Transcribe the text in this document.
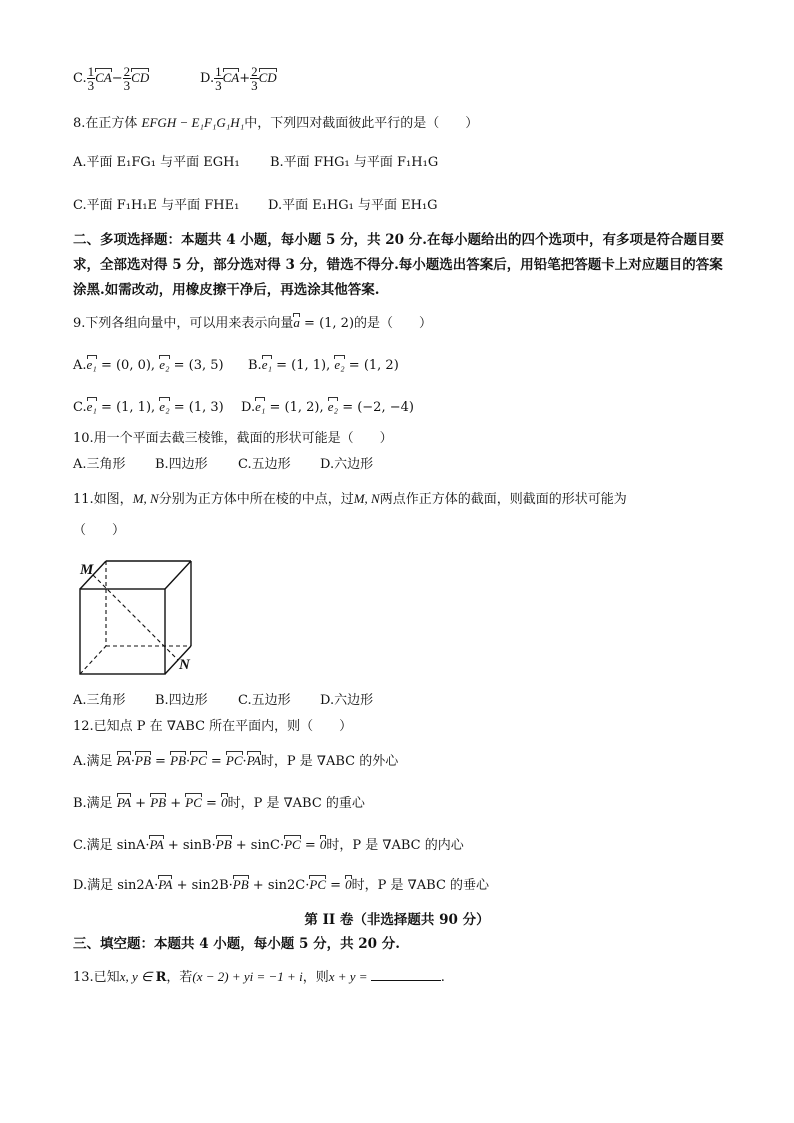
C. $\frac{1}{3} CA- \frac{2}{3}$ CD	D. $\frac{1}{3} CA+ \frac{2}{3}$ CD
8.在正方体 EFGH − E₁F₁G₁H₁中，下列四对截面彼此平行的是（　　）
A.平面 E₁FG₁ 与平面 EGH₁ B.平面 FHG₁ 与平面 F₁H₁G
C.平面 F₁H₁E 与平面 FHE₁ D.平面 E₁HG₁ 与平面 EH₁G
二、多项选择题：本题共 4 小题，每小题 5 分，共 20 分.在每小题给出的四个选项中，有多项是符合题目要求，全部选对得 5 分，部分选对得 3 分，错选不得分.每小题选出答案后，用铅笔把答题卡上对应题目的答案涂黑.如需改动，用橡皮擦干净后，再选涂其他答案.
9.下列各组向量中，可以用来表示向量a = (1, 2)的是（　　）
A.e₁ = (0, 0), e₂ = (3, 5) B.e₁ = (1, 1), e₂ = (1, 2)
C.e₁ = (1, 1), e₂ = (1, 3) D.e₁ = (1, 2), e₂ = (−2, −4)
10.用一个平面去截三棱锥，截面的形状可能是（　　）
A.三角形 B.四边形 C.五边形 D.六边形
11.如图，M, N分别为正方体中所在棱的中点，过M, N两点作正方体的截面，则截面的形状可能为
（　　）
M
N
A.三角形 B.四边形 C.五边形 D.六边形
12.已知点 P 在 ∇ABC 所在平面内，则（　　）
A.满足 PA·PB = PB·PC = PC·PA时，P 是 ∇ABC 的外心
B.满足 PA + PB + PC = 0时，P 是 ∇ABC 的重心
C.满足 sinA·PA + sinB·PB + sinC·PC = 0时，P 是 ∇ABC 的内心
D.满足 sin2A·PA + sin2B·PB + sin2C·PC = 0时，P 是 ∇ABC 的垂心
第 II 卷（非选择题共 90 分）
三、填空题：本题共 4 小题，每小题 5 分，共 20 分.
13.已知x, y ∈ R，若(x − 2) + yi = −1 + i，则x + y =	.
